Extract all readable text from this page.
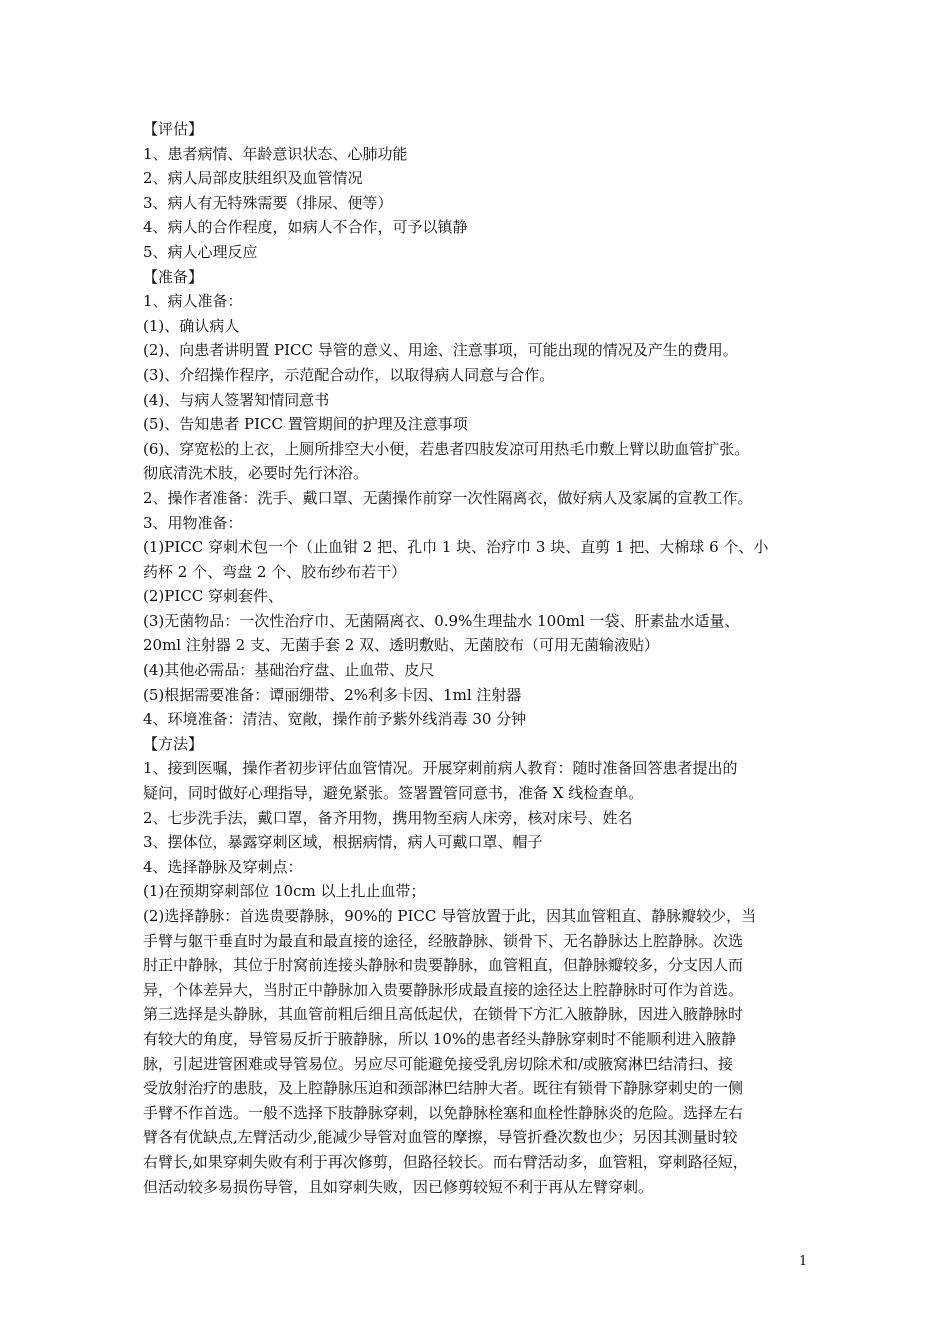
【评估】
1、患者病情、年龄意识状态、心肺功能
2、病人局部皮肤组织及血管情况
3、病人有无特殊需要（排尿、便等）
4、病人的合作程度，如病人不合作，可予以镇静
5、病人心理反应
【准备】
1、病人准备：
(1)、确认病人
(2)、向患者讲明置 PICC 导管的意义、用途、注意事项，可能出现的情况及产生的费用。
(3)、介绍操作程序，示范配合动作，以取得病人同意与合作。
(4)、与病人签署知情同意书
(5)、告知患者 PICC 置管期间的护理及注意事项
(6)、穿宽松的上衣，上厕所排空大小便，若患者四肢发凉可用热毛巾敷上臂以助血管扩张。
彻底清洗术肢，必要时先行沐浴。
2、操作者准备：洗手、戴口罩、无菌操作前穿一次性隔离衣，做好病人及家属的宣教工作。
3、用物准备：
(1)PICC 穿刺术包一个（止血钳 2 把、孔巾 1 块、治疗巾 3 块、直剪 1 把、大棉球 6 个、小
药杯 2 个、弯盘 2 个、胶布纱布若干）
(2)PICC 穿刺套件、
(3)无菌物品：一次性治疗巾、无菌隔离衣、0.9%生理盐水 100ml 一袋、肝素盐水适量、
20ml 注射器 2 支、无菌手套 2 双、透明敷贴、无菌胶布（可用无菌输液贴）
(4)其他必需品：基础治疗盘、止血带、皮尺
(5)根据需要准备：谭丽绷带、2%利多卡因、1ml 注射器
4、环境准备：清洁、宽敞，操作前予紫外线消毒 30 分钟
【方法】
1、接到医嘱，操作者初步评估血管情况。开展穿刺前病人教育：随时准备回答患者提出的
疑问，同时做好心理指导，避免紧张。签署置管同意书，准备 X 线检查单。
2、七步洗手法，戴口罩，备齐用物，携用物至病人床旁，核对床号、姓名
3、摆体位，暴露穿刺区域，根据病情，病人可戴口罩、帽子
4、选择静脉及穿刺点：
(1)在预期穿刺部位 10cm 以上扎止血带；
(2)选择静脉：首选贵要静脉，90%的 PICC 导管放置于此，因其血管粗直、静脉瓣较少，当
手臂与躯干垂直时为最直和最直接的途径，经腋静脉、锁骨下、无名静脉达上腔静脉。次选
肘正中静脉，其位于肘窝前连接头静脉和贵要静脉，血管粗直，但静脉瓣较多，分支因人而
异，个体差异大，当肘正中静脉加入贵要静脉形成最直接的途径达上腔静脉时可作为首选。
第三选择是头静脉，其血管前粗后细且高低起伏，在锁骨下方汇入腋静脉，因进入腋静脉时
有较大的角度，导管易反折于腋静脉，所以 10%的患者经头静脉穿刺时不能顺利进入腋静
脉，引起进管困难或导管易位。另应尽可能避免接受乳房切除术和/或腋窝淋巴结清扫、接
受放射治疗的患肢，及上腔静脉压迫和颈部淋巴结肿大者。既往有锁骨下静脉穿刺史的一侧
手臂不作首选。一般不选择下肢静脉穿刺，以免静脉栓塞和血栓性静脉炎的危险。选择左右
臂各有优缺点,左臂活动少,能减少导管对血管的摩擦，导管折叠次数也少；另因其测量时较
右臂长,如果穿刺失败有利于再次修剪，但路径较长。而右臂活动多，血管粗，穿刺路径短，
但活动较多易损伤导管，且如穿刺失败，因已修剪较短不利于再从左臂穿刺。
1
